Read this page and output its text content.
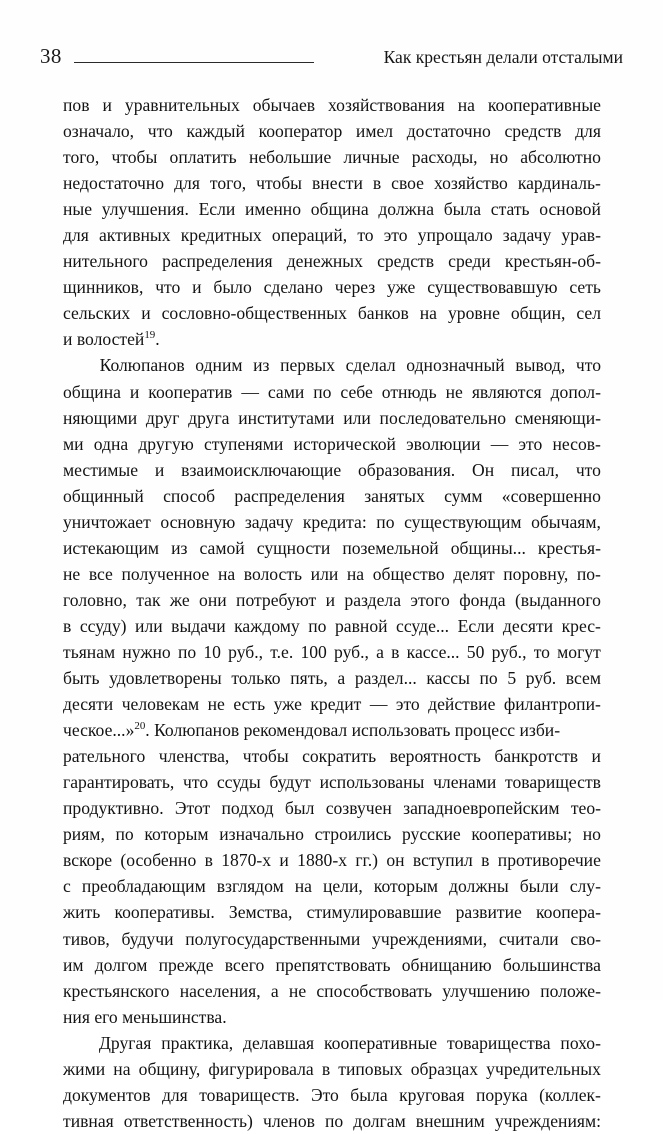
38	Как крестьян делали отсталыми
пов и уравнительных обычаев хозяйствования на кооперативные
означало, что каждый кооператор имел достаточно средств для
того, чтобы оплатить небольшие личные расходы, но абсолютно
недостаточно для того, чтобы внести в свое хозяйство кардиналь-
ные улучшения. Если именно община должна была стать основой
для активных кредитных операций, то это упрощало задачу урав-
нительного распределения денежных средств среди крестьян-об-
щинников, что и было сделано через уже существовавшую сеть
сельских и сословно-общественных банков на уровне общин, сел
и волостей$^{19}$.
Колюпанов одним из первых сделал однозначный вывод, что
община и кооператив — сами по себе отнюдь не являются допол-
няющими друг друга институтами или последовательно сменяющи-
ми одна другую ступенями исторической эволюции — это несов-
местимые и взаимоисключающие образования. Он писал, что
общинный способ распределения занятых сумм «совершенно
уничтожает основную задачу кредита: по существующим обычаям,
истекающим из самой сущности поземельной общины... крестья-
не все полученное на волость или на общество делят поровну, по-
головно, так же они потребуют и раздела этого фонда (выданного
в ссуду) или выдачи каждому по равной ссуде... Если десяти крес-
тьянам нужно по 10 руб., т.е. 100 руб., а в кассе... 50 руб., то могут
быть удовлетворены только пять, а раздел... кассы по 5 руб. всем
десяти человекам не есть уже кредит — это действие филантропи-
ческое...»$^{20}$. Колюпанов рекомендовал использовать процесс изби-
рательного членства, чтобы сократить вероятность банкротств и
гарантировать, что ссуды будут использованы членами товариществ
продуктивно. Этот подход был созвучен западноевропейским тео-
риям, по которым изначально строились русские кооперативы; но
вскоре (особенно в 1870-х и 1880-х гг.) он вступил в противоречие
с преобладающим взглядом на цели, которым должны были слу-
жить кооперативы. Земства, стимулировавшие развитие коопера-
тивов, будучи полугосударственными учреждениями, считали сво-
им долгом прежде всего препятствовать обнищанию большинства
крестьянского населения, а не способствовать улучшению положе-
ния его меньшинства.
Другая практика, делавшая кооперативные товарищества похо-
жими на общину, фигурировала в типовых образцах учредительных
документов для товариществ. Это была круговая порука (коллек-
тивная ответственность) членов по долгам внешним учреждениям:
